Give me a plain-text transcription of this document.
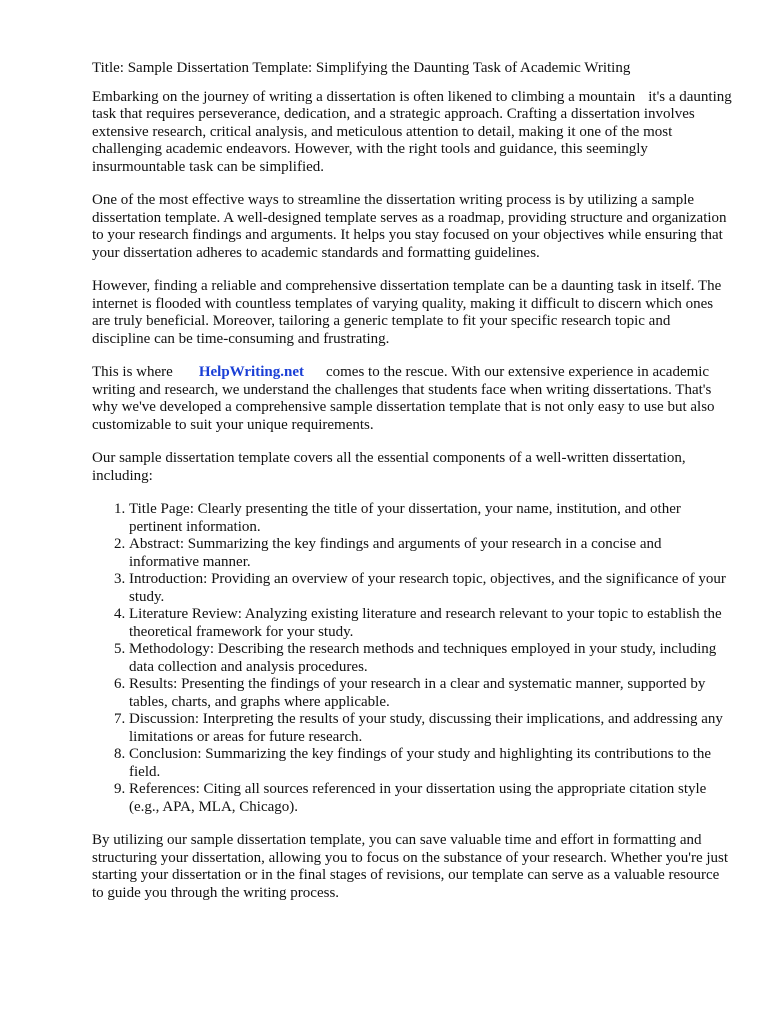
Title: Sample Dissertation Template: Simplifying the Daunting Task of Academic Writing

Embarking on the journey of writing a dissertation is often likened to climbing a mountain it's a daunting task that requires perseverance, dedication, and a strategic approach. Crafting a dissertation involves extensive research, critical analysis, and meticulous attention to detail, making it one of the most challenging academic endeavors. However, with the right tools and guidance, this seemingly insurmountable task can be simplified.

One of the most effective ways to streamline the dissertation writing process is by utilizing a sample dissertation template. A well-designed template serves as a roadmap, providing structure and organization to your research findings and arguments. It helps you stay focused on your objectives while ensuring that your dissertation adheres to academic standards and formatting guidelines.

However, finding a reliable and comprehensive dissertation template can be a daunting task in itself. The internet is flooded with countless templates of varying quality, making it difficult to discern which ones are truly beneficial. Moreover, tailoring a generic template to fit your specific research topic and discipline can be time-consuming and frustrating.

This is where HelpWriting.net comes to the rescue. With our extensive experience in academic writing and research, we understand the challenges that students face when writing dissertations. That's why we've developed a comprehensive sample dissertation template that is not only easy to use but also customizable to suit your unique requirements.

Our sample dissertation template covers all the essential components of a well-written dissertation, including:

1. Title Page: Clearly presenting the title of your dissertation, your name, institution, and other pertinent information.
2. Abstract: Summarizing the key findings and arguments of your research in a concise and informative manner.
3. Introduction: Providing an overview of your research topic, objectives, and the significance of your study.
4. Literature Review: Analyzing existing literature and research relevant to your topic to establish the theoretical framework for your study.
5. Methodology: Describing the research methods and techniques employed in your study, including data collection and analysis procedures.
6. Results: Presenting the findings of your research in a clear and systematic manner, supported by tables, charts, and graphs where applicable.
7. Discussion: Interpreting the results of your study, discussing their implications, and addressing any limitations or areas for future research.
8. Conclusion: Summarizing the key findings of your study and highlighting its contributions to the field.
9. References: Citing all sources referenced in your dissertation using the appropriate citation style (e.g., APA, MLA, Chicago).

By utilizing our sample dissertation template, you can save valuable time and effort in formatting and structuring your dissertation, allowing you to focus on the substance of your research. Whether you're just starting your dissertation or in the final stages of revisions, our template can serve as a valuable resource to guide you through the writing process.
